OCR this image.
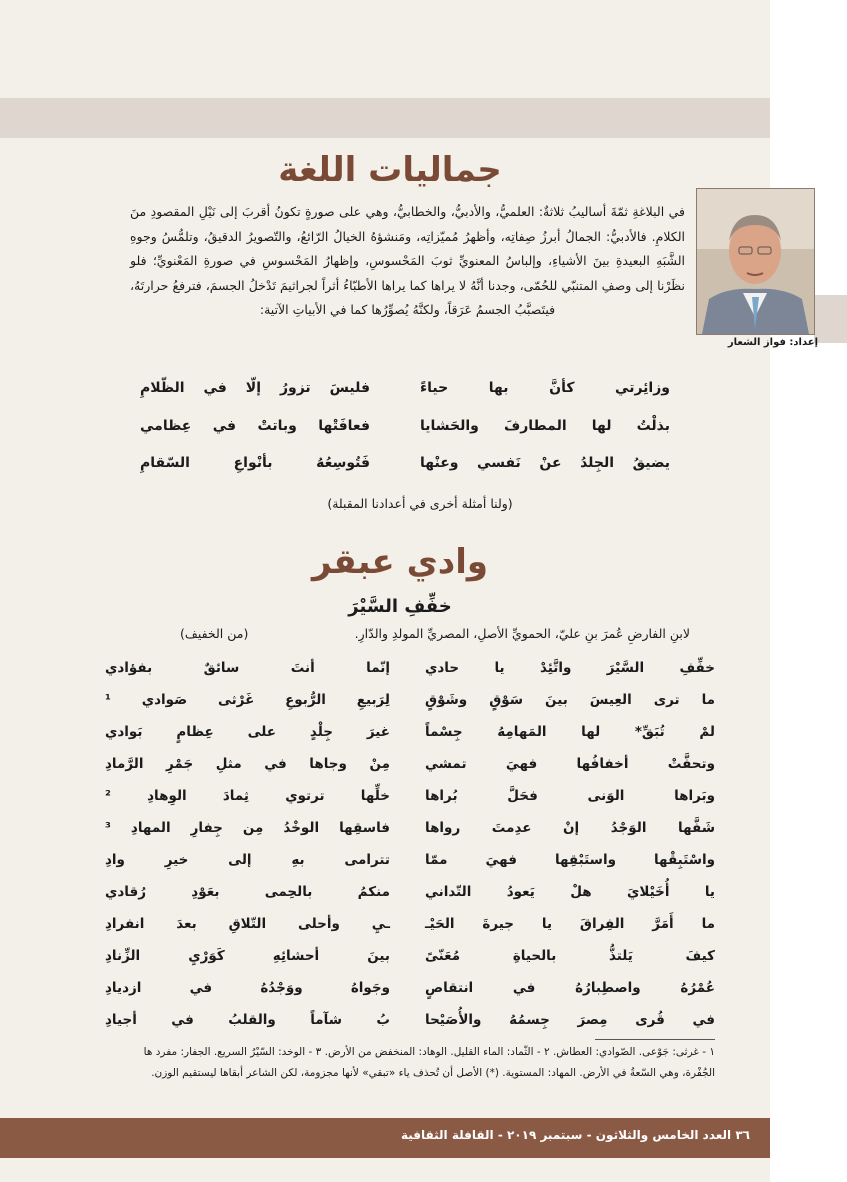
جماليات اللغة
إعداد: فواز الشعار
في البلاغةِ ثمّةَ أساليبُ ثلاثةٌ: العلميُّ، والأدبيُّ، والخطابيُّ، وهي على صورةٍ تكونُ أقربَ إلى نَيْلِ المقصودِ منَ الكلامِ. فالأدبيُّ: الجمالُ أبرزُ صِفاتِه، وأظهرُ مُميّزاتِه، ومَنشؤهُ الخيالُ الرّائعُ، والتّصويرُ الدقيقُ، وتلمُّسُ وجوهِ الشَّبَهِ البعيدةِ بينَ الأشياءِ، وإلباسُ المعنويِّ ثوبَ المَحْسوسِ، وإظهارُ المَحْسوسِ في صورةِ المَعْنويِّ؛ فلو نظَرْنا إلى وصفِ المتنبّي للحُمّى، وجدنا أنَّهُ لا يراها كما يراها الأطبّاءُ أثراً لجراثيمَ تَدْخلُ الجسمَ، فترفعُ حرارتَهُ، فيتَصبَّبُ الجسمُ عَرَقاً، ولكنَّهُ يُصوِّرُها كما في الأبياتِ الآتية:
وزائِرتي كأنَّ بها حياءً
فليسَ تزورُ إلّا في الظّلامِ
بذلْتُ لها المطارفَ والحَشايا
فعافَتْها وباتتْ في عِظامي
يضيقُ الجِلدُ عنْ نَفسي وعنْها
فَتُوسِعُهُ بأنْواعِ السّقامِ
(ولنا أمثلة أخرى في أعدادنا المقبلة)
وادي عبقر
خفِّفِ السَّيْرَ
لابنِ الفارضِ عُمرَ بنِ عليّ، الحمويِّ الأصلِ، المصريِّ المولدِ والدّارِ.
(من الخفيف)
خفِّفِ السَّيْرَ واتَّئِدْ يا حادي
إنّما أنتَ سائقٌ بفؤادي
ما ترى العِيسَ بينَ سَوْقٍ وشَوْقٍ
لِرَبيعِ الرُّبوعِ غَرْثى صَوادي ¹
لمْ تُبَقِّ* لها المَهامِهُ جِسْماً
غيرَ جِلْدٍ على عِظامٍ بَوادي
وتحفَّتْ أخفافُها فهيَ تمشي
مِنْ وجاها في مثلِ جَمْرِ الرَّمادِ
وبَراها الوَنى فحَلَّ بُراها
خلِّها ترتوي ثِمادَ الوِهادِ ²
شَفَّها الوَجْدُ إنْ عدِمتَ رواها
فاسقِها الوخْدُ مِن جِفارِ المهادِ ³
واسْتَبِقْها واستَبْقِها فهيَ ممّا
تترامى بهِ إلى خيرِ وادِ
يا أُخَيْلايَ هلْ يَعودُ التّداني
منكمُ بالحِمى بعَوْدِ رُقادي
ما أَمَرَّ الفِراقَ يا جيرةَ الحَيْـ
ـيِ وأحلى التّلاقِ بعدَ انفرادِ
كيفَ يَلتذُّ بالحياةِ مُعَنّىً
بينَ أحشائِهِ كَوَرْيِ الزِّنادِ
عُمْرُهُ واصطِبارُهُ في انتقاصٍ
وجَواهُ ووَجْدُهُ في ازديادِ
في قُرى مِصرَ جِسمُهُ والأُصَيْحا
بُ شآماً والقلبُ في أجيادِ
١ - غرثى: جَوْعى. الصّوادي: العطاش. ٢ - الثّماد: الماء القليل. الوهاد: المنخفض من الأرض. ٣ - الوخد: السّيْرُ السريع. الجفار: مفرد ها
الجُفْرة، وهي السّعةُ في الأرض. المهاد: المستوية. (*) الأصل أن تُحذف ياء «تبقي» لأنها مجزومة، لكن الشاعر أبقاها ليستقيم الوزن.
٣٦ العدد الخامس والثلاثون - سبتمبر ٢٠١٩ - القافلة الثقافية
